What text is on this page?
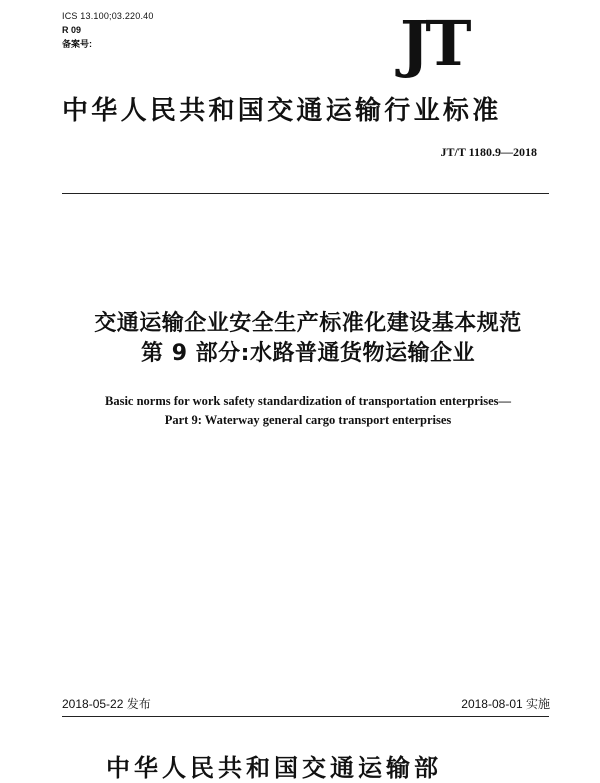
ICS 13.100;03.220.40
R 09
备案号:	JT
中华人民共和国交通运输行业标准
JT/T 1180.9—2018
交通运输企业安全生产标准化建设基本规范
第 9 部分:水路普通货物运输企业
Basic norms for work safety standardization of transportation enterprises—
Part 9: Waterway general cargo transport enterprises
2018-05-22 发布	2018-08-01 实施
中华人民共和国交通运输部
